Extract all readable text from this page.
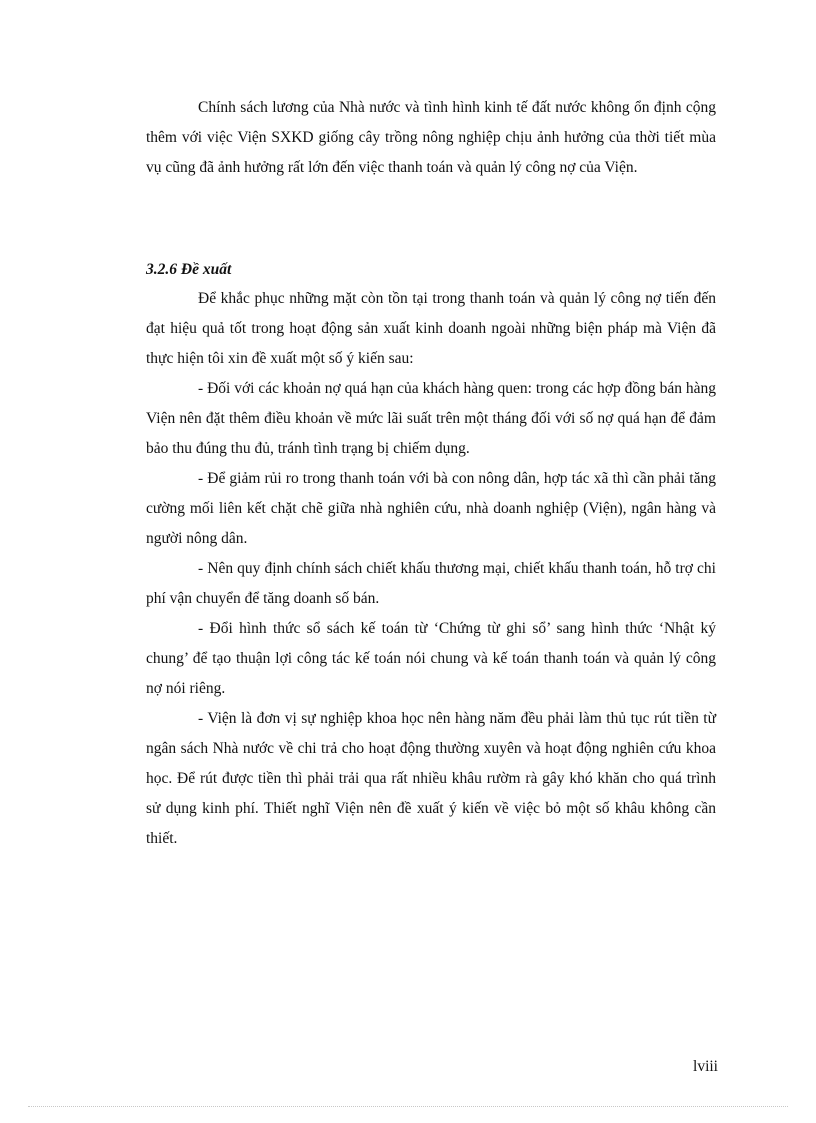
Chính sách lương của Nhà nước và tình hình kinh tế đất nước không ổn định cộng thêm với việc Viện SXKD giống cây trồng nông nghiệp chịu ảnh hưởng của thời tiết mùa vụ cũng đã ảnh hưởng rất lớn đến việc thanh toán và quản lý công nợ của Viện.

3.2.6 Đề xuất

Để khắc phục những mặt còn tồn tại trong thanh toán và quản lý công nợ tiến đến đạt hiệu quả tốt trong hoạt động sản xuất kinh doanh ngoài những biện pháp mà Viện đã thực hiện tôi xin đề xuất một số ý kiến sau:

- Đối với các khoản nợ quá hạn của khách hàng quen: trong các hợp đồng bán hàng Viện nên đặt thêm điều khoản về mức lãi suất trên một tháng đối với số nợ quá hạn để đảm bảo thu đúng thu đủ, tránh tình trạng bị chiếm dụng.

- Để giảm rủi ro trong thanh toán với bà con nông dân, hợp tác xã thì cần phải tăng cường mối liên kết chặt chẽ giữa nhà nghiên cứu, nhà doanh nghiệp (Viện), ngân hàng và người nông dân.

- Nên quy định chính sách chiết khấu thương mại, chiết khấu thanh toán, hỗ trợ chi phí vận chuyển để tăng doanh số bán.

- Đổi hình thức sổ sách kế toán từ ‘Chứng từ ghi sổ’ sang hình thức ‘Nhật ký chung’ để tạo thuận lợi công tác kế toán nói chung và kế toán thanh toán và quản lý công nợ nói riêng.

- Viện là đơn vị sự nghiệp khoa học nên hàng năm đều phải làm thủ tục rút tiền từ ngân sách Nhà nước về chi trả cho hoạt động thường xuyên và hoạt động nghiên cứu khoa học. Để rút được tiền thì phải trải qua rất nhiều khâu rườm rà gây khó khăn cho quá trình sử dụng kinh phí. Thiết nghĩ Viện nên đề xuất ý kiến về việc bỏ một số khâu không cần thiết.

lviii
